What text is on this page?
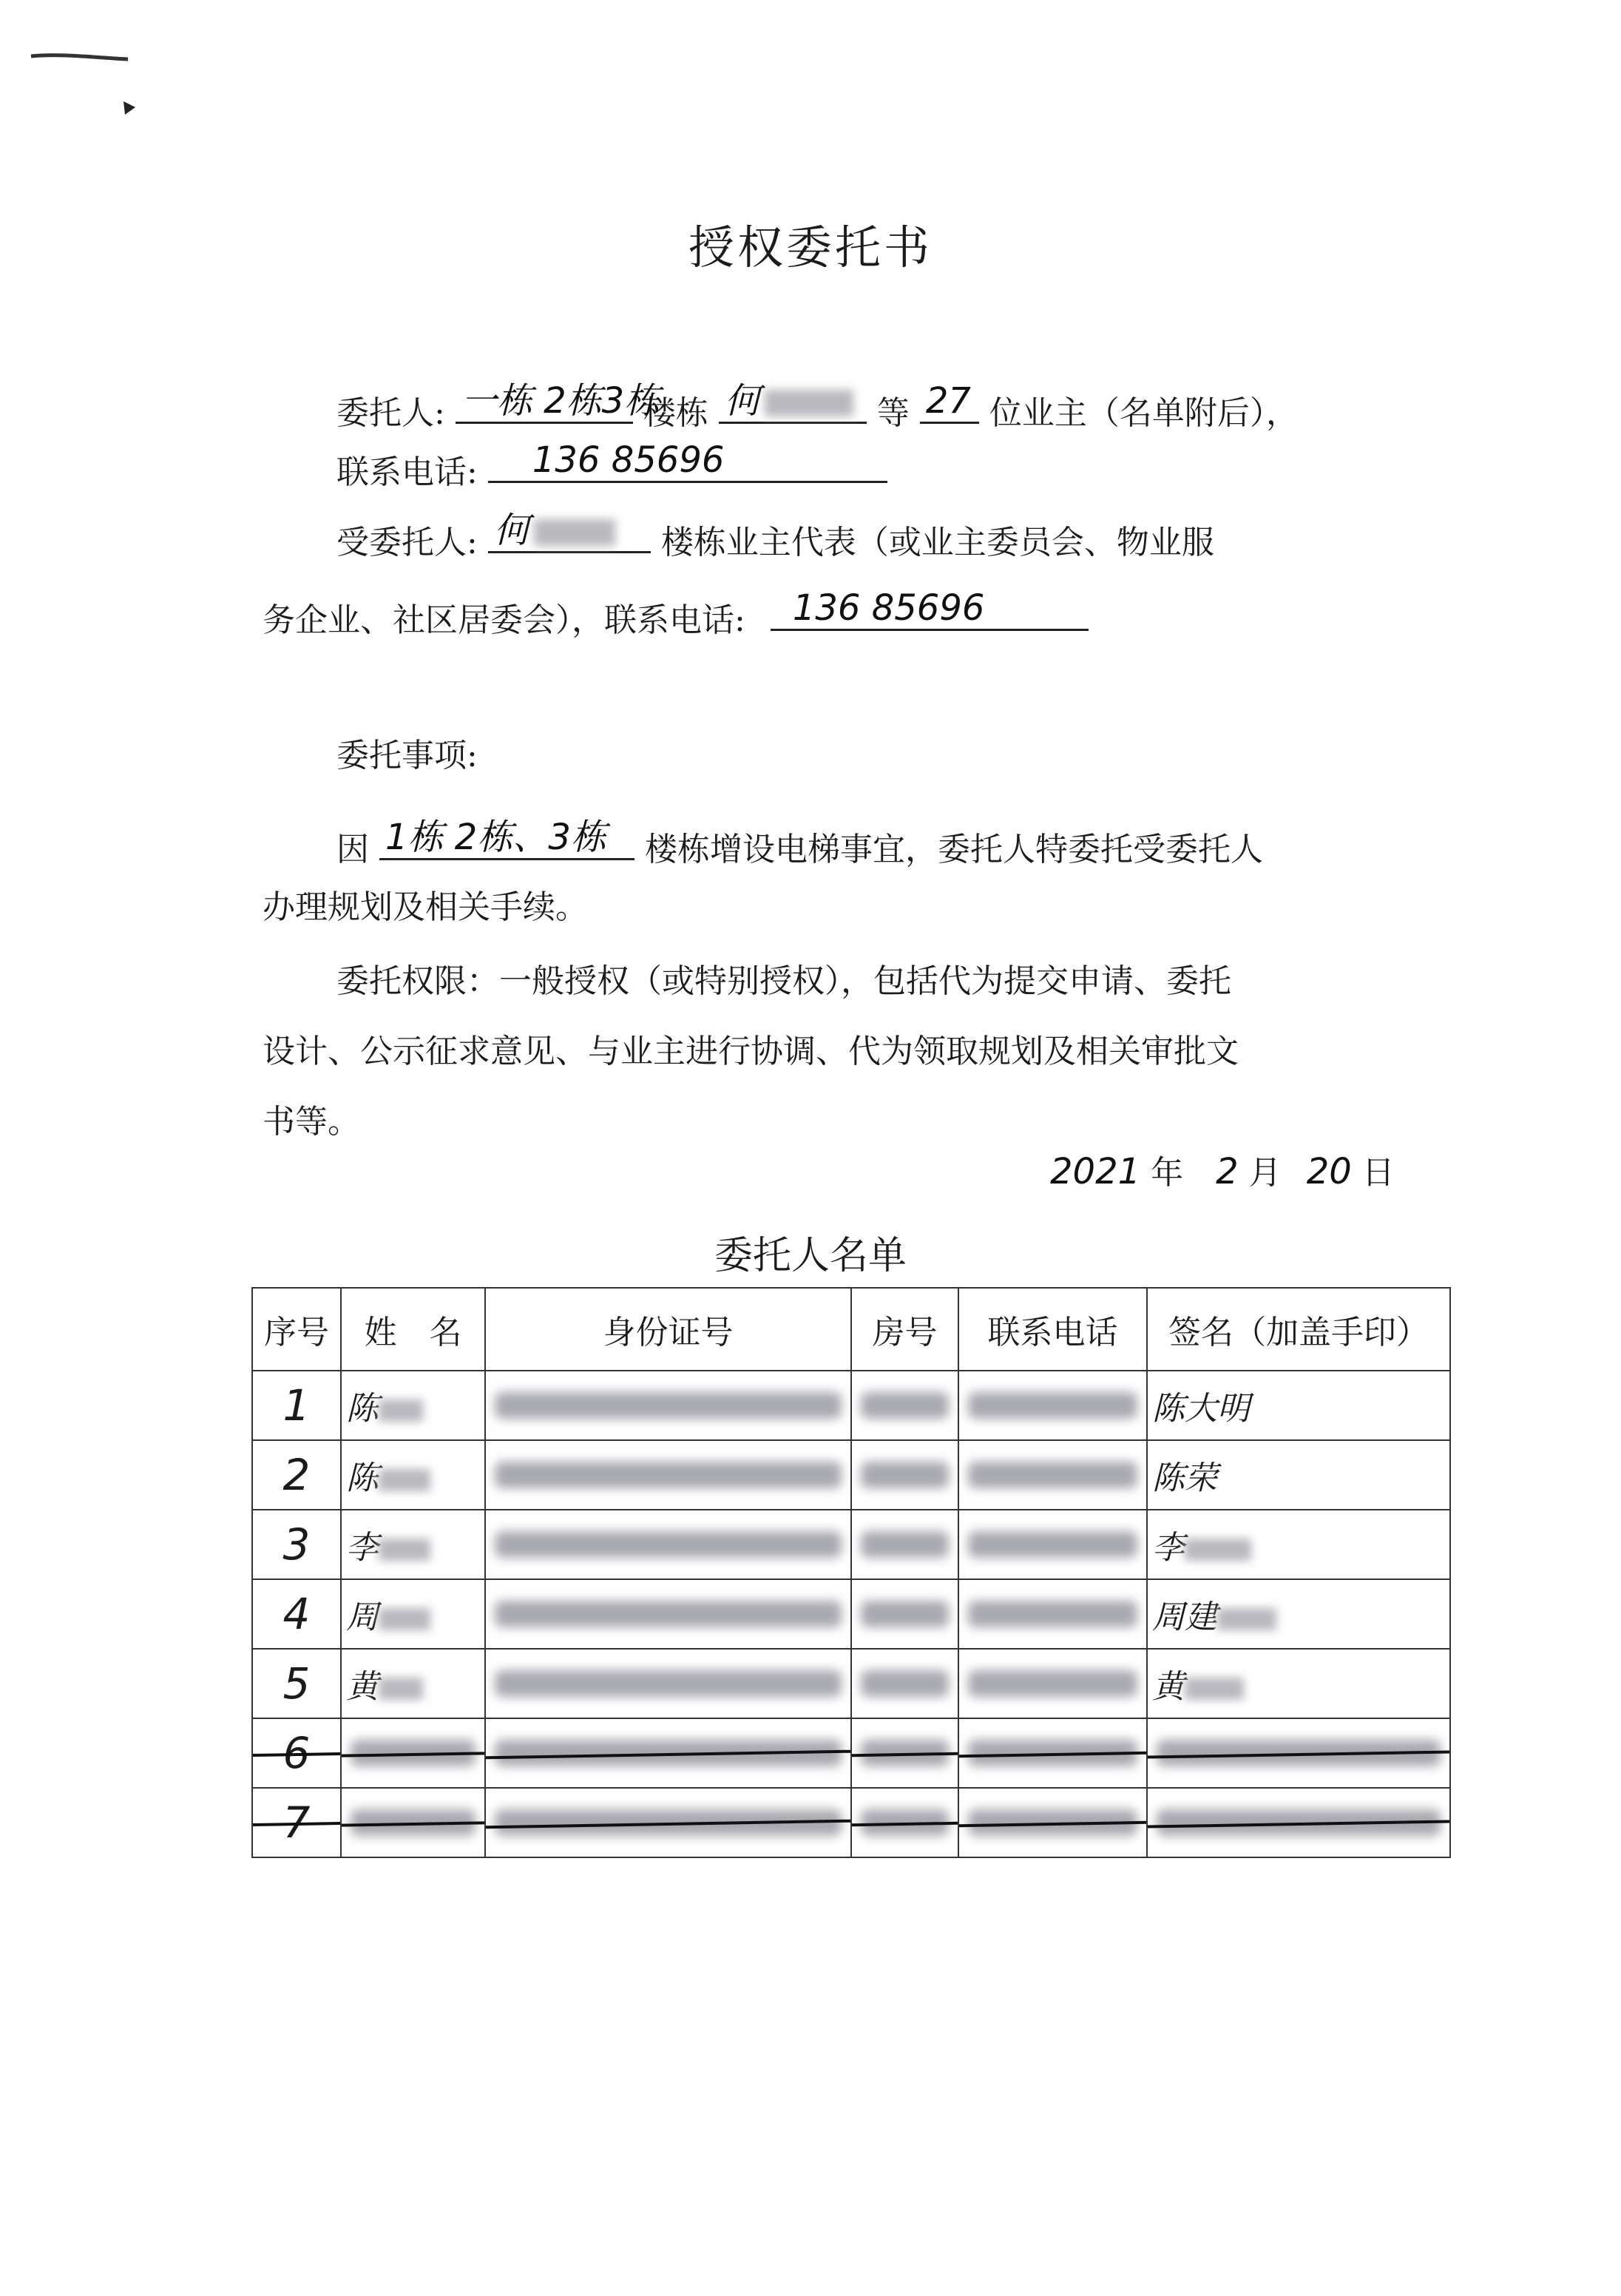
授权委托书
委托人: 一栋 2栋3栋
楼栋 何	等 27 位业主（名单附后），
联系电话: 136 85696
受委托人: 何	楼栋业主代表（或业主委员会、物业服
务企业、社区居委会），联系电话: 136 85696
委托事项:
因 1栋 2栋、3栋 楼栋增设电梯事宜，委托人特委托受委托人
办理规划及相关手续。
委托权限：一般授权（或特别授权），包括代为提交申请、委托
设计、公示征求意见、与业主进行协调、代为领取规划及相关审批文
书等。
2021 年 2 月 20 日
委托人名单
序号	姓　名	身份证号	房号	联系电话	签名（加盖手印）
1	陈				陈大明
2	陈				陈荣
3	李				李
4	周				周建
5	黄				黄
6	

7	
